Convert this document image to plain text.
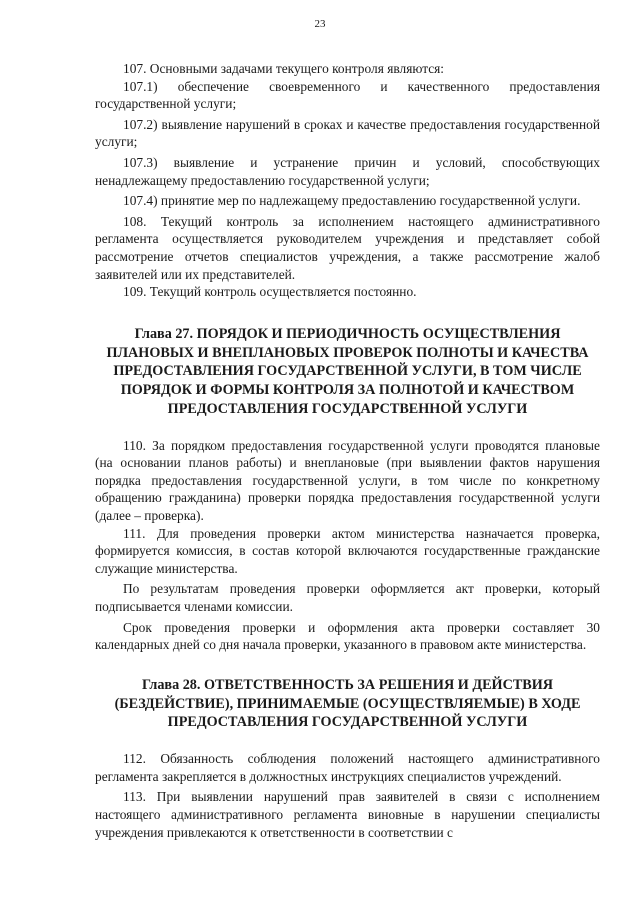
23

107. Основными задачами текущего контроля являются:

107.1) обеспечение своевременного и качественного предоставления государственной услуги;

107.2) выявление нарушений в сроках и качестве предоставления государственной услуги;

107.3) выявление и устранение причин и условий, способствующих ненадлежащему предоставлению государственной услуги;

107.4) принятие мер по надлежащему предоставлению государственной услуги.

108. Текущий контроль за исполнением настоящего административного регламента осуществляется руководителем учреждения и представляет собой рассмотрение отчетов специалистов учреждения, а также рассмотрение жалоб заявителей или их представителей.

109. Текущий контроль осуществляется постоянно.

Глава 27. ПОРЯДОК И ПЕРИОДИЧНОСТЬ ОСУЩЕСТВЛЕНИЯ ПЛАНОВЫХ И ВНЕПЛАНОВЫХ ПРОВЕРОК ПОЛНОТЫ И КАЧЕСТВА ПРЕДОСТАВЛЕНИЯ ГОСУДАРСТВЕННОЙ УСЛУГИ, В ТОМ ЧИСЛЕ ПОРЯДОК И ФОРМЫ КОНТРОЛЯ ЗА ПОЛНОТОЙ И КАЧЕСТВОМ ПРЕДОСТАВЛЕНИЯ ГОСУДАРСТВЕННОЙ УСЛУГИ

110. За порядком предоставления государственной услуги проводятся плановые (на основании планов работы) и внеплановые (при выявлении фактов нарушения порядка предоставления государственной услуги, в том числе по конкретному обращению гражданина) проверки порядка предоставления государственной услуги (далее – проверка).

111. Для проведения проверки актом министерства назначается проверка, формируется комиссия, в состав которой включаются государственные гражданские служащие министерства.

По результатам проведения проверки оформляется акт проверки, который подписывается членами комиссии.

Срок проведения проверки и оформления акта проверки составляет 30 календарных дней со дня начала проверки, указанного в правовом акте министерства.

Глава 28. ОТВЕТСТВЕННОСТЬ ЗА РЕШЕНИЯ И ДЕЙСТВИЯ (БЕЗДЕЙСТВИЕ), ПРИНИМАЕМЫЕ (ОСУЩЕСТВЛЯЕМЫЕ) В ХОДЕ ПРЕДОСТАВЛЕНИЯ ГОСУДАРСТВЕННОЙ УСЛУГИ

112. Обязанность соблюдения положений настоящего административного регламента закрепляется в должностных инструкциях специалистов учреждений.

113. При выявлении нарушений прав заявителей в связи с исполнением настоящего административного регламента виновные в нарушении специалисты учреждения привлекаются к ответственности в соответствии с
